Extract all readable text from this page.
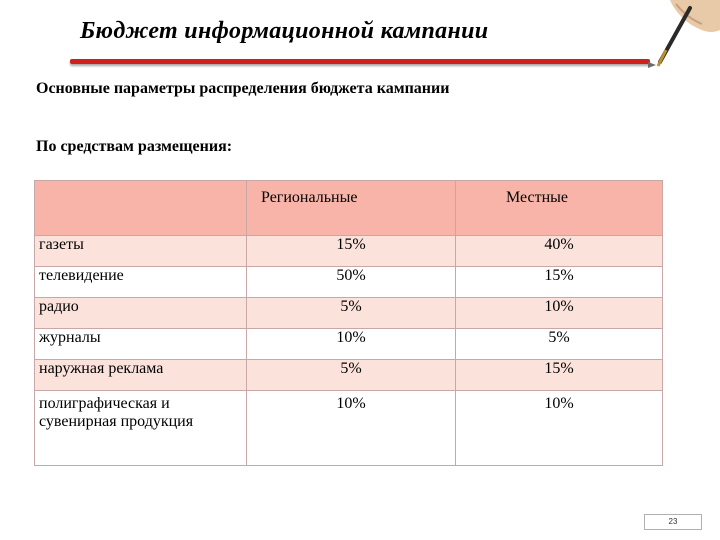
Бюджет информационной кампании
Основные параметры распределения бюджета кампании
По средствам размещения:
	Региональные	Местные
газеты	15%	40%
телевидение	50%	15%
радио	5%	10%
журналы	10%	5%
наружная реклама	5%	15%
полиграфическая и сувенирная продукция	10%	10%
23
